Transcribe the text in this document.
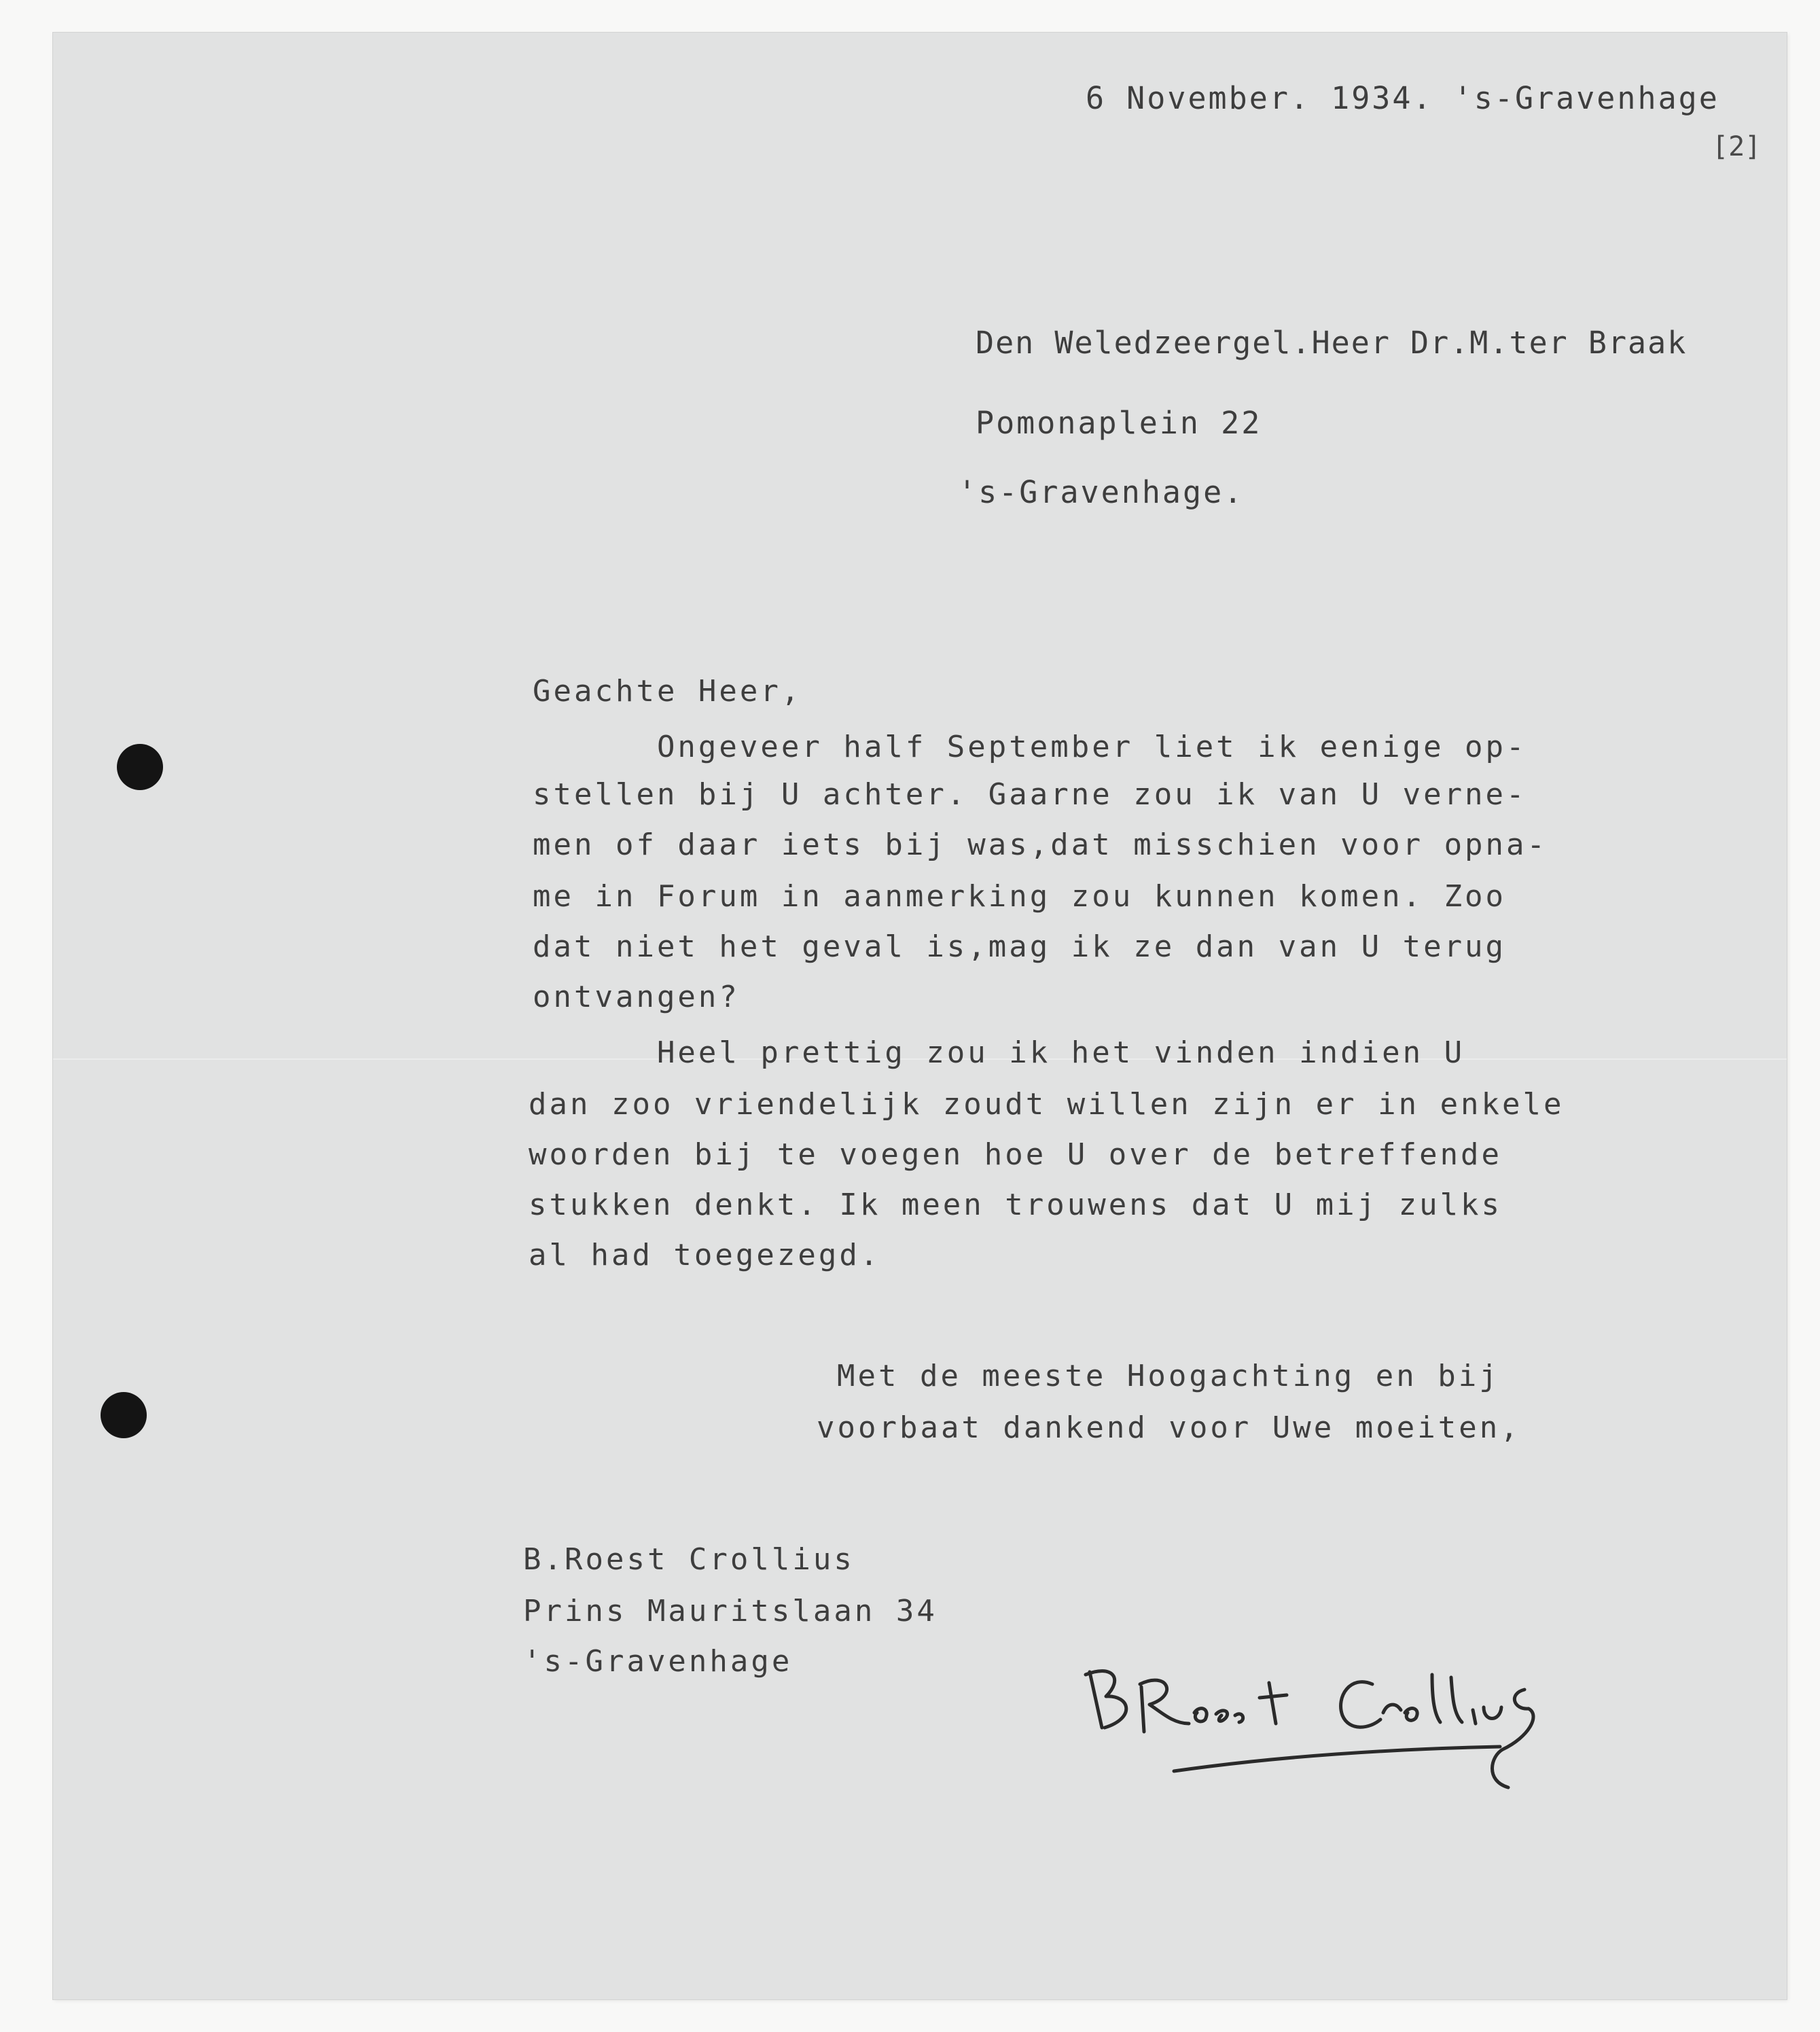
6 November. 1934. 's-Gravenhage
[2]
Den Weledzeergel.Heer Dr.M.ter Braak
Pomonaplein 22
's-Gravenhage.
Geachte Heer,
Ongeveer half September liet ik eenige op-
stellen bij U achter. Gaarne zou ik van U verne-
men of daar iets bij was,dat misschien voor opna-
me in Forum in aanmerking zou kunnen komen. Zoo
dat niet het geval is,mag ik ze dan van U terug
ontvangen?
Heel prettig zou ik het vinden indien U
dan zoo vriendelijk zoudt willen zijn er in enkele
woorden bij te voegen hoe U over de betreffende
stukken denkt. Ik meen trouwens dat U mij zulks
al had toegezegd.
Met de meeste Hoogachting en bij
voorbaat dankend voor Uwe moeiten,
B.Roest Crollius
Prins Mauritslaan 34
's-Gravenhage
